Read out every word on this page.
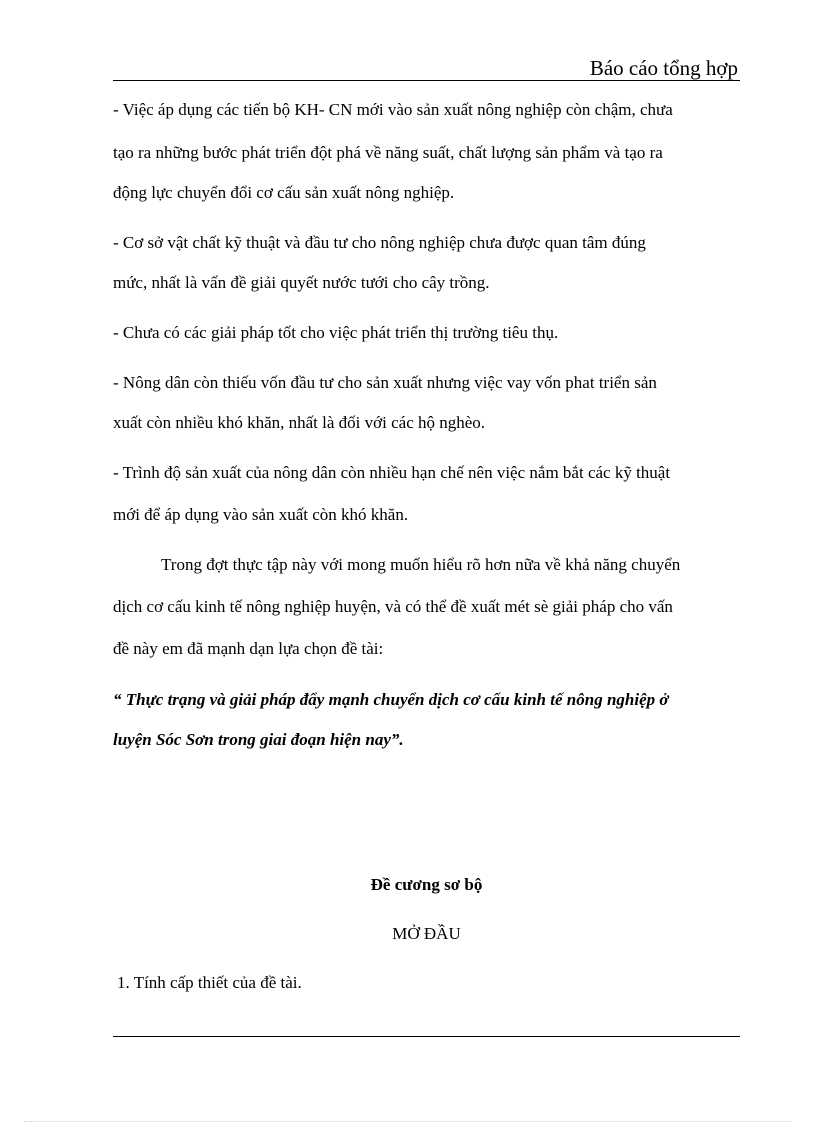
Báo cáo tổng hợp
- Việc áp dụng các tiến bộ KH- CN mới vào sản xuất nông nghiệp còn chậm, chưa
tạo ra những bước phát triển đột phá về năng suất, chất lượng sản phẩm và tạo ra
động lực chuyển đổi cơ cấu sản xuất nông nghiệp.
- Cơ sở vật chất kỹ thuật và đầu tư cho nông nghiệp chưa được quan tâm đúng
mức, nhất là vấn đề giải quyết nước tưới cho cây trồng.
- Chưa có các giải pháp tốt cho việc phát triển thị trường tiêu thụ.
- Nông dân còn thiếu vốn đầu tư cho sản xuất nhưng việc vay vốn phat triển sản
xuất còn nhiều khó khăn, nhất là đối với các hộ nghèo.
- Trình độ sản xuất của nông dân còn nhiều hạn chế nên việc nắm bắt các kỹ thuật
mới để áp dụng vào sản xuất còn khó khăn.
Trong đợt thực tập này với mong muốn hiểu rõ hơn nữa về khả năng chuyển
dịch cơ cấu kinh tế nông nghiệp huyện, và có thể đề xuất mét sè giải pháp cho vấn
đề này em đã mạnh dạn lựa chọn đề tài:
“ Thực trạng và giải pháp đẩy mạnh chuyển dịch cơ cấu kinh tế nông nghiệp ở
luyện Sóc Sơn trong giai đoạn hiện nay”.
Đề cương sơ bộ
MỞ ĐẦU
1. Tính cấp thiết của đề tài.
